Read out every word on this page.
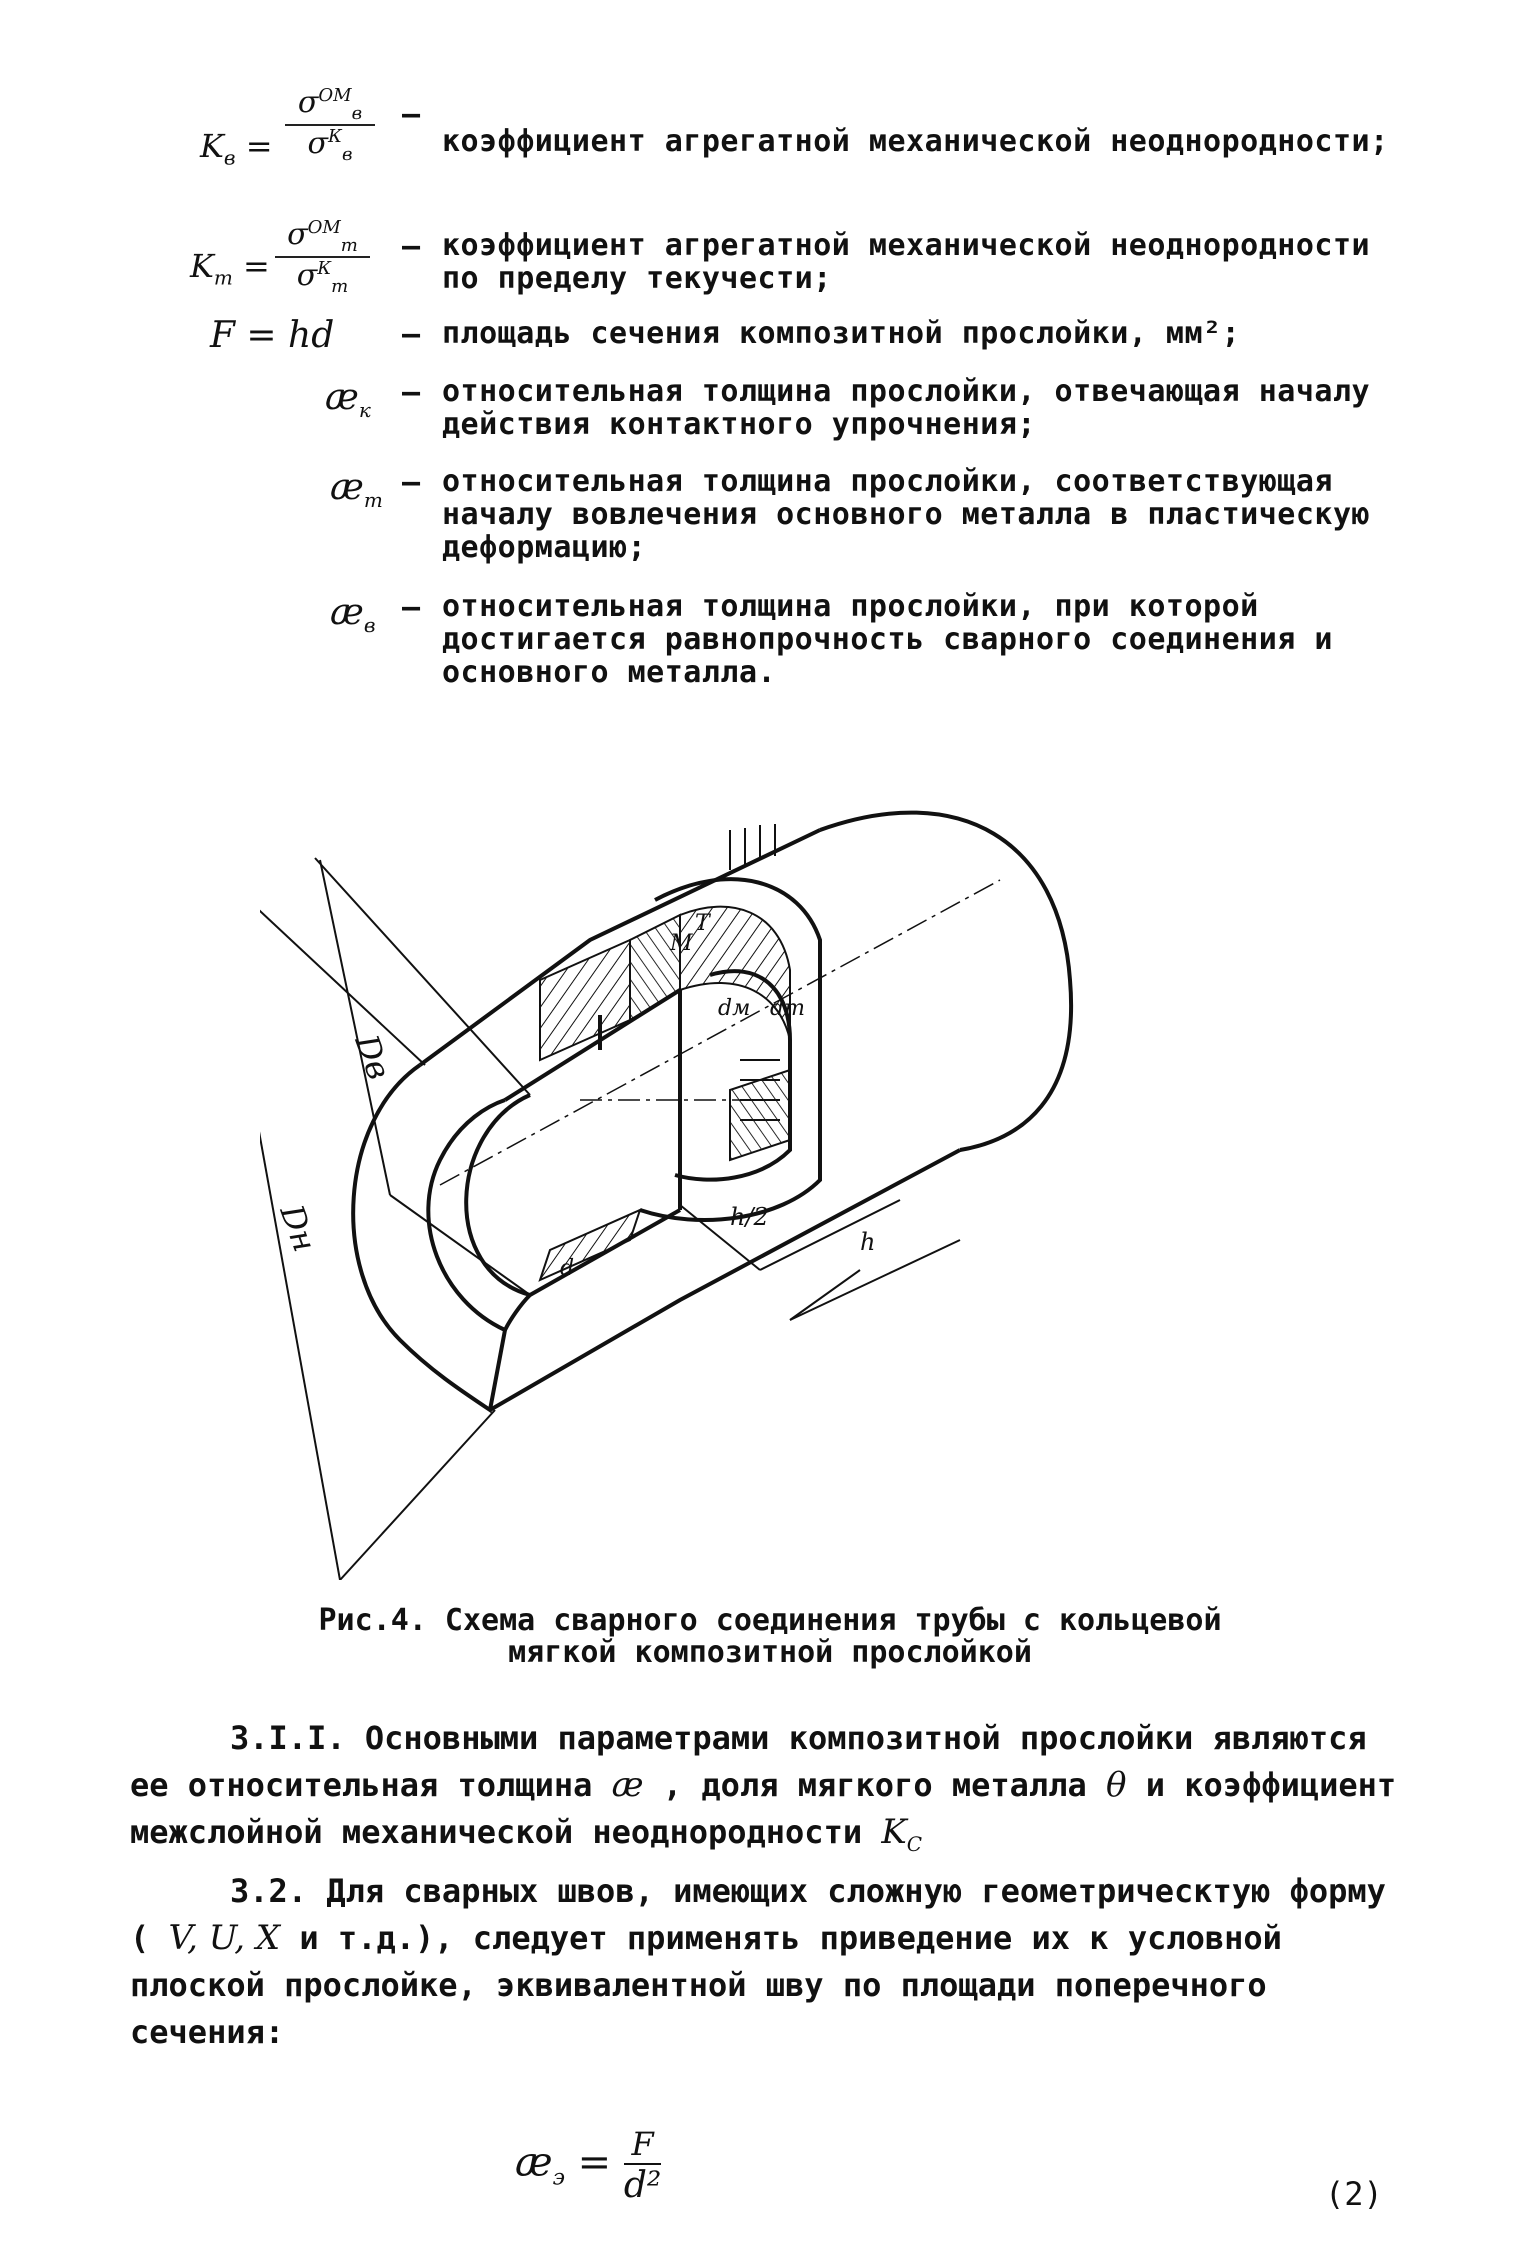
$K_в$ =
$\sigma^{ОМ}_в$
$\sigma^К_в$
–
коэффициент агрегатной механической неоднородности;
$K_т$ =
$\sigma^{ОМ}_т$
$\sigma^К_т$
– коэффициент агрегатной механической неоднородности по пределу текучести;
F = hd – площадь сечения композитной прослойки, мм²;
$æ_к$
– относительная толщина прослойки, отвечающая началу действия контактного упрочнения;
$æ_т$
– относительная толщина прослойки, соответствующая началу вовлечения основного металла в пластическую деформацию;
$æ_в$
– относительная толщина прослойки, при которой достигается равнопрочность сварного соединения и основного металла.
Dн
Dв
h/2
h
d
dм dт
T
M
Рис.4. Схема сварного соединения трубы с кольцевой
мягкой композитной прослойкой

3.I.I. Основными параметрами композитной прослойки являются ее относительная толщина æ , доля мягкого металла θ и коэффициент межслойной механической неоднородности $K_C$

3.2. Для сварных швов, имеющих сложную геометрическтую форму ( V, U, X и т.д.), следует применять приведение их к условной плоской прослойке, эквивалентной шву по площади поперечного сечения:

$æ_э = \frac{F}{\text{d²}}$	(2)
